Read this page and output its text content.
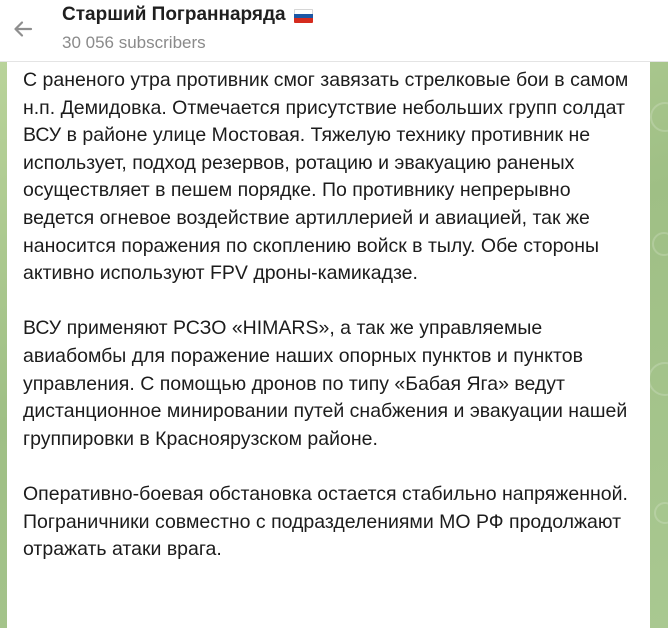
Старший Пограннаряда
30 056 subscribers

С раненого утра противник смог завязать стрелковые бои в самом н.п. Демидовка. Отмечается присутствие небольших групп солдат ВСУ в районе улице Мостовая. Тяжелую технику противник не использует, подход резервов, ротацию и эвакуацию раненых осуществляет в пешем порядке. По противнику непрерывно ведется огневое воздействие артиллерией и авиацией, так же наносится поражения по скоплению войск в тылу. Обе стороны активно используют FPV дроны-камикадзе.

ВСУ применяют РСЗО «HIMARS», а так же управляемые авиабомбы для поражение наших опорных пунктов и пунктов управления. С помощью дронов по типу «Бабая Яга» ведут дистанционное минировании путей снабжения и эвакуации нашей группировки в Красноярузском районе.

Оперативно-боевая обстановка остается стабильно напряженной. Пограничники совместно с подразделениями МО РФ продолжают отражать атаки врага.
